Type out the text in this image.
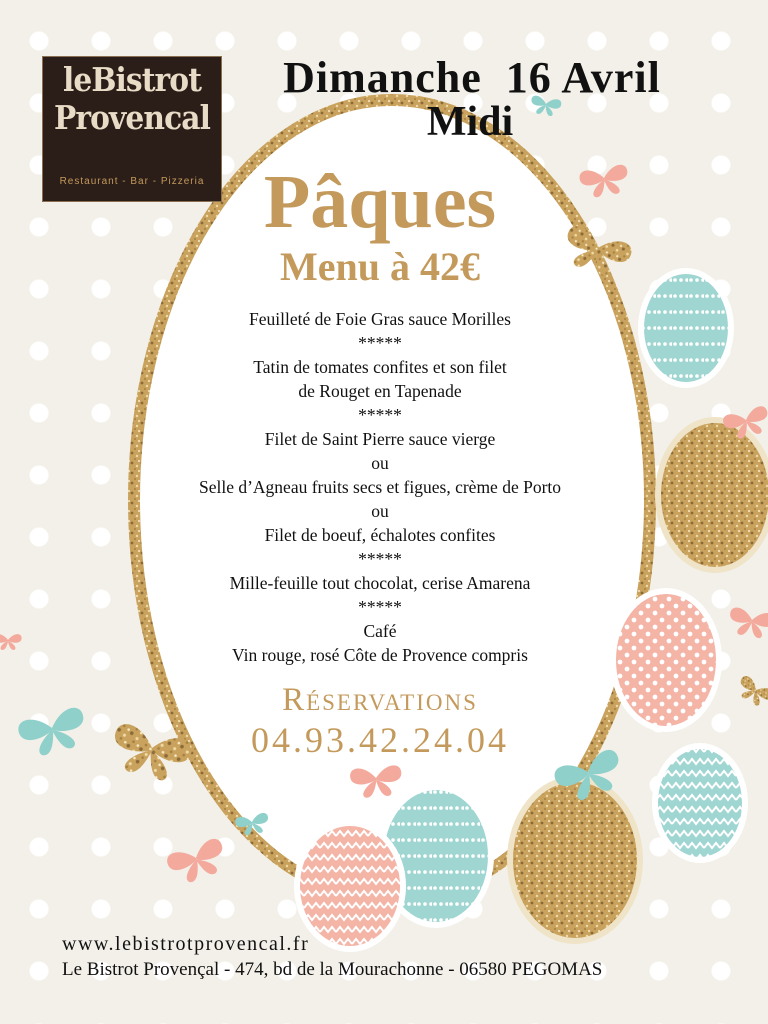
leBistrot
Provencal
Restaurant - Bar - Pizzeria
Dimanche  16 Avril
Midi
Pâques
Menu à 42€
Feuilleté de Foie Gras sauce Morilles
*****
Tatin de tomates confites et son filet
de Rouget en Tapenade
*****
Filet de Saint Pierre sauce vierge
ou
Selle d’Agneau fruits secs et figues, crème de Porto
ou
Filet de boeuf, échalotes confites
*****
Mille-feuille tout chocolat, cerise Amarena
*****
Café
Vin rouge, rosé Côte de Provence compris
Réservations
04.93.42.24.04
www.lebistrotprovencal.fr
Le Bistrot Provençal - 474, bd de la Mourachonne - 06580 PEGOMAS
